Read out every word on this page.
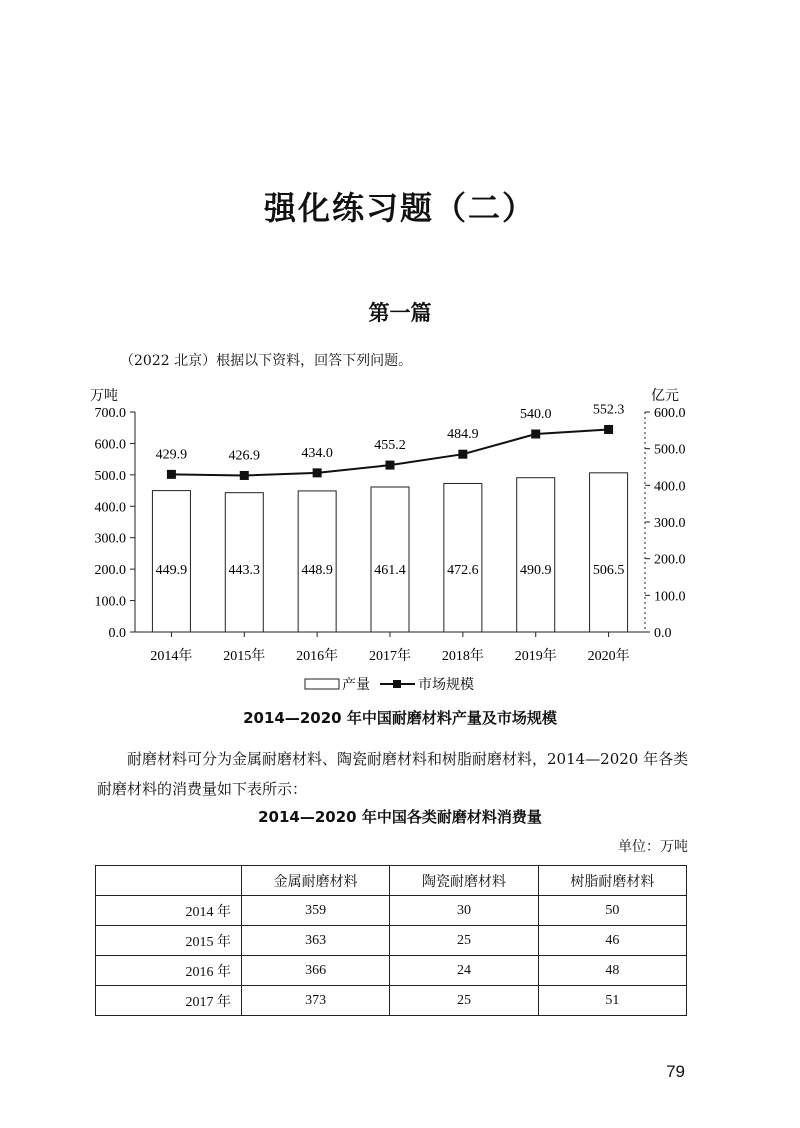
强化练习题（二）
第一篇
（2022 北京）根据以下资料，回答下列问题。
万吨	亿元
0.0
100.0
200.0
300.0
400.0
500.0
600.0
700.0
0.0
100.0
200.0
300.0
400.0
500.0
600.0
449.9	443.3	448.9	461.4	472.6	490.9	506.5
429.9	426.9	434.0
455.2
484.9
540.0	552.3
2014年 2015年 2016年 2017年 2018年 2019年 2020年
产量	市场规模
2014—2020 年中国耐磨材料产量及市场规模
耐磨材料可分为金属耐磨材料、陶瓷耐磨材料和树脂耐磨材料，2014—2020 年各类耐磨材料的消费量如下表所示：
2014—2020 年中国各类耐磨材料消费量
单位：万吨
	金属耐磨材料	陶瓷耐磨材料	树脂耐磨材料
2014 年	359	30	50
2015 年	363	25	46
2016 年	366	24	48
2017 年	373	25	51
79
